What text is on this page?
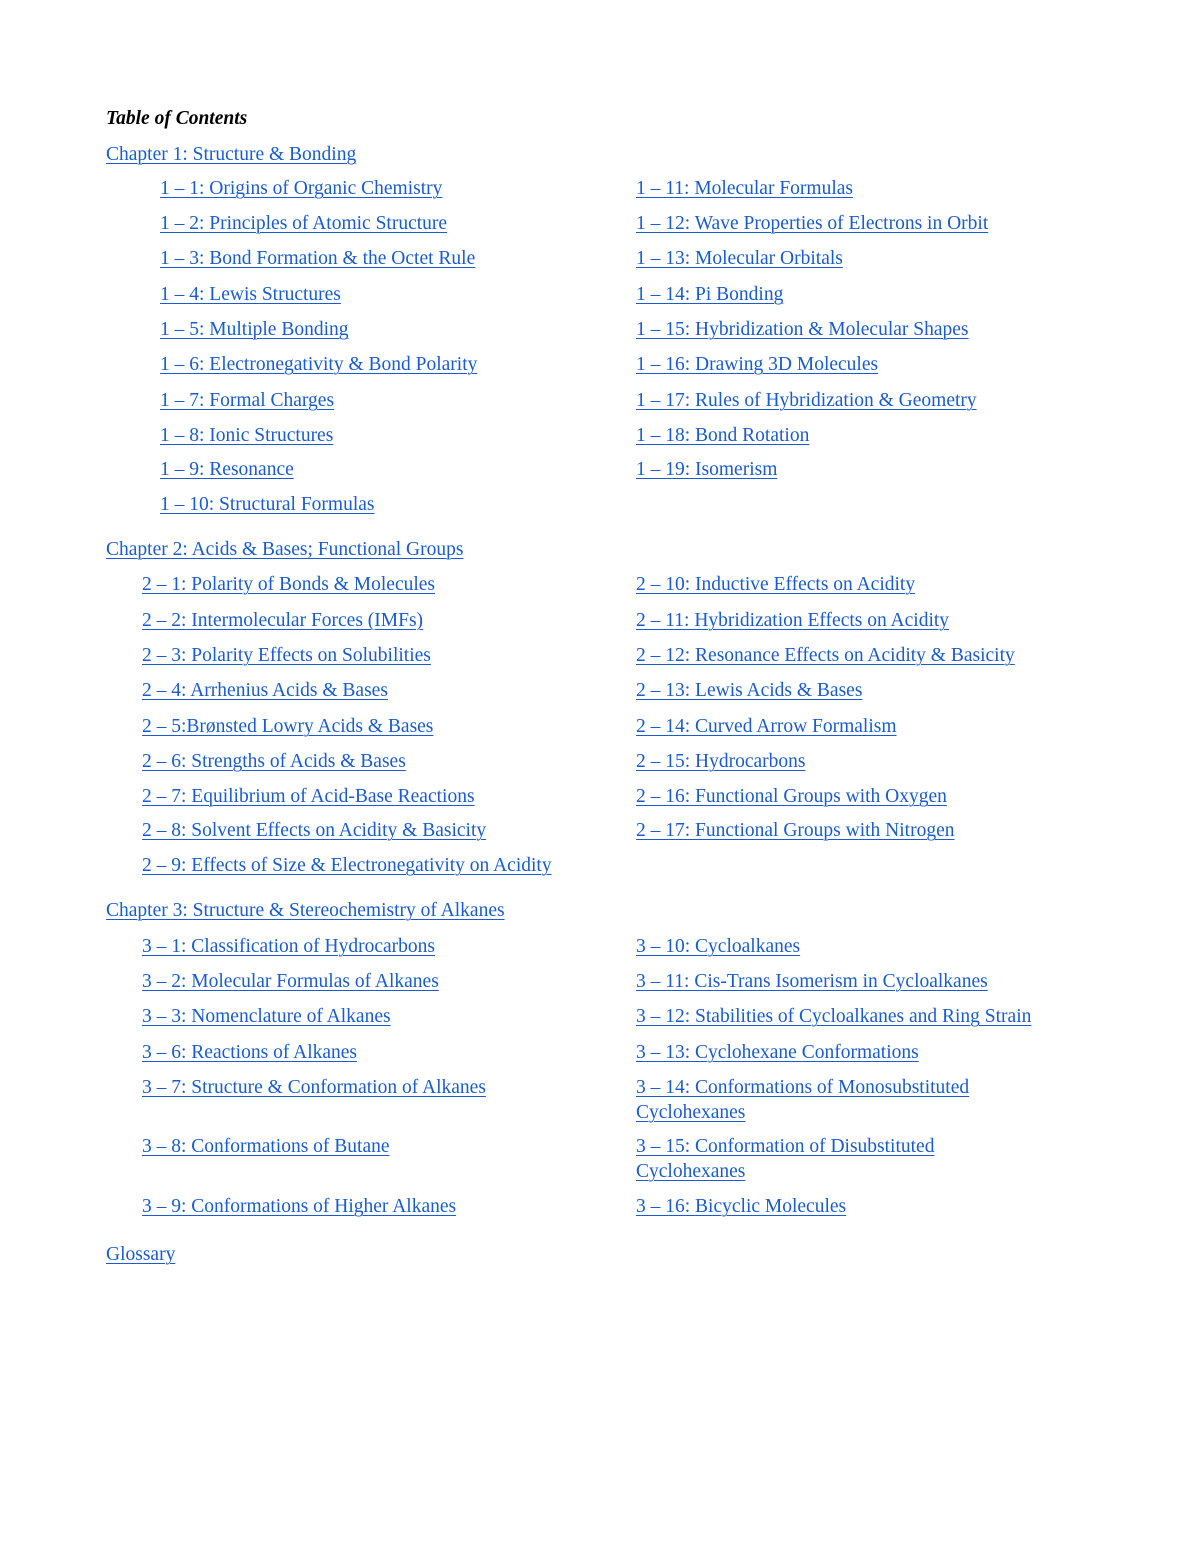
Table of Contents
Chapter 1: Structure & Bonding
1 – 1: Origins of Organic Chemistry
1 – 2: Principles of Atomic Structure
1 – 3: Bond Formation & the Octet Rule
1 – 4: Lewis Structures
1 – 5: Multiple Bonding
1 – 6: Electronegativity & Bond Polarity
1 – 7: Formal Charges
1 – 8: Ionic Structures
1 – 9: Resonance
1 – 10: Structural Formulas
1 – 11: Molecular Formulas
1 – 12: Wave Properties of Electrons in Orbit
1 – 13: Molecular Orbitals
1 – 14: Pi Bonding
1 – 15: Hybridization & Molecular Shapes
1 – 16: Drawing 3D Molecules
1 – 17: Rules of Hybridization & Geometry
1 – 18: Bond Rotation
1 – 19: Isomerism
Chapter 2: Acids & Bases; Functional Groups
2 – 1: Polarity of Bonds & Molecules
2 – 2: Intermolecular Forces (IMFs)
2 – 3: Polarity Effects on Solubilities
2 – 4: Arrhenius Acids & Bases
2 – 5:Brønsted Lowry Acids & Bases
2 – 6: Strengths of Acids & Bases
2 – 7: Equilibrium of Acid-Base Reactions
2 – 8: Solvent Effects on Acidity & Basicity
2 – 9: Effects of Size & Electronegativity on Acidity
2 – 10: Inductive Effects on Acidity
2 – 11: Hybridization Effects on Acidity
2 – 12: Resonance Effects on Acidity & Basicity
2 – 13: Lewis Acids & Bases
2 – 14: Curved Arrow Formalism
2 – 15: Hydrocarbons
2 – 16: Functional Groups with Oxygen
2 – 17: Functional Groups with Nitrogen
Chapter 3: Structure & Stereochemistry of Alkanes
3 – 1: Classification of Hydrocarbons
3 – 2: Molecular Formulas of Alkanes
3 – 3: Nomenclature of Alkanes
3 – 6: Reactions of Alkanes
3 – 7: Structure & Conformation of Alkanes
3 – 8: Conformations of Butane
3 – 9: Conformations of Higher Alkanes
3 – 10: Cycloalkanes
3 – 11: Cis-Trans Isomerism in Cycloalkanes
3 – 12: Stabilities of Cycloalkanes and Ring Strain
3 – 13: Cyclohexane Conformations
3 – 14: Conformations of Monosubstituted Cyclohexanes
3 – 15: Conformation of Disubstituted Cyclohexanes
3 – 16: Bicyclic Molecules
Glossary
